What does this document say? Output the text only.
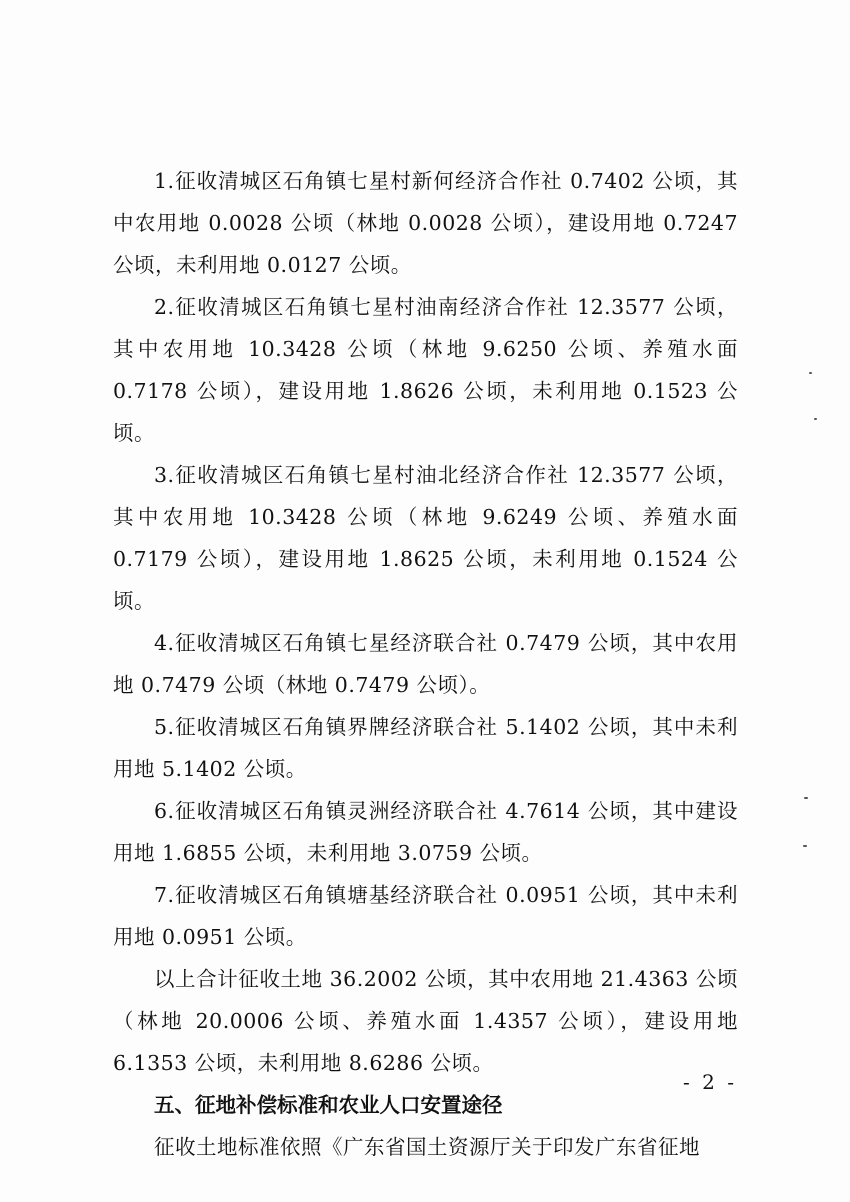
1.征收清城区石角镇七星村新何经济合作社 0.7402 公顷，其中农用地 0.0028 公顷（林地 0.0028 公顷），建设用地 0.7247 公顷，未利用地 0.0127 公顷。

2.征收清城区石角镇七星村油南经济合作社 12.3577 公顷，其中农用地 10.3428 公顷（林地 9.6250 公顷、养殖水面 0.7178 公顷），建设用地 1.8626 公顷，未利用地 0.1523 公顷。

3.征收清城区石角镇七星村油北经济合作社 12.3577 公顷，其中农用地 10.3428 公顷（林地 9.6249 公顷、养殖水面 0.7179 公顷），建设用地 1.8625 公顷，未利用地 0.1524 公顷。

4.征收清城区石角镇七星经济联合社 0.7479 公顷，其中农用地 0.7479 公顷（林地 0.7479 公顷）。

5.征收清城区石角镇界牌经济联合社 5.1402 公顷，其中未利用地 5.1402 公顷。

6.征收清城区石角镇灵洲经济联合社 4.7614 公顷，其中建设用地 1.6855 公顷，未利用地 3.0759 公顷。

7.征收清城区石角镇塘基经济联合社 0.0951 公顷，其中未利用地 0.0951 公顷。

以上合计征收土地 36.2002 公顷，其中农用地 21.4363 公顷（林地 20.0006 公顷、养殖水面 1.4357 公顷），建设用地 6.1353 公顷，未利用地 8.6286 公顷。

五、征地补偿标准和农业人口安置途径

征收土地标准依照《广东省国土资源厅关于印发广东省征地

- 2 -
